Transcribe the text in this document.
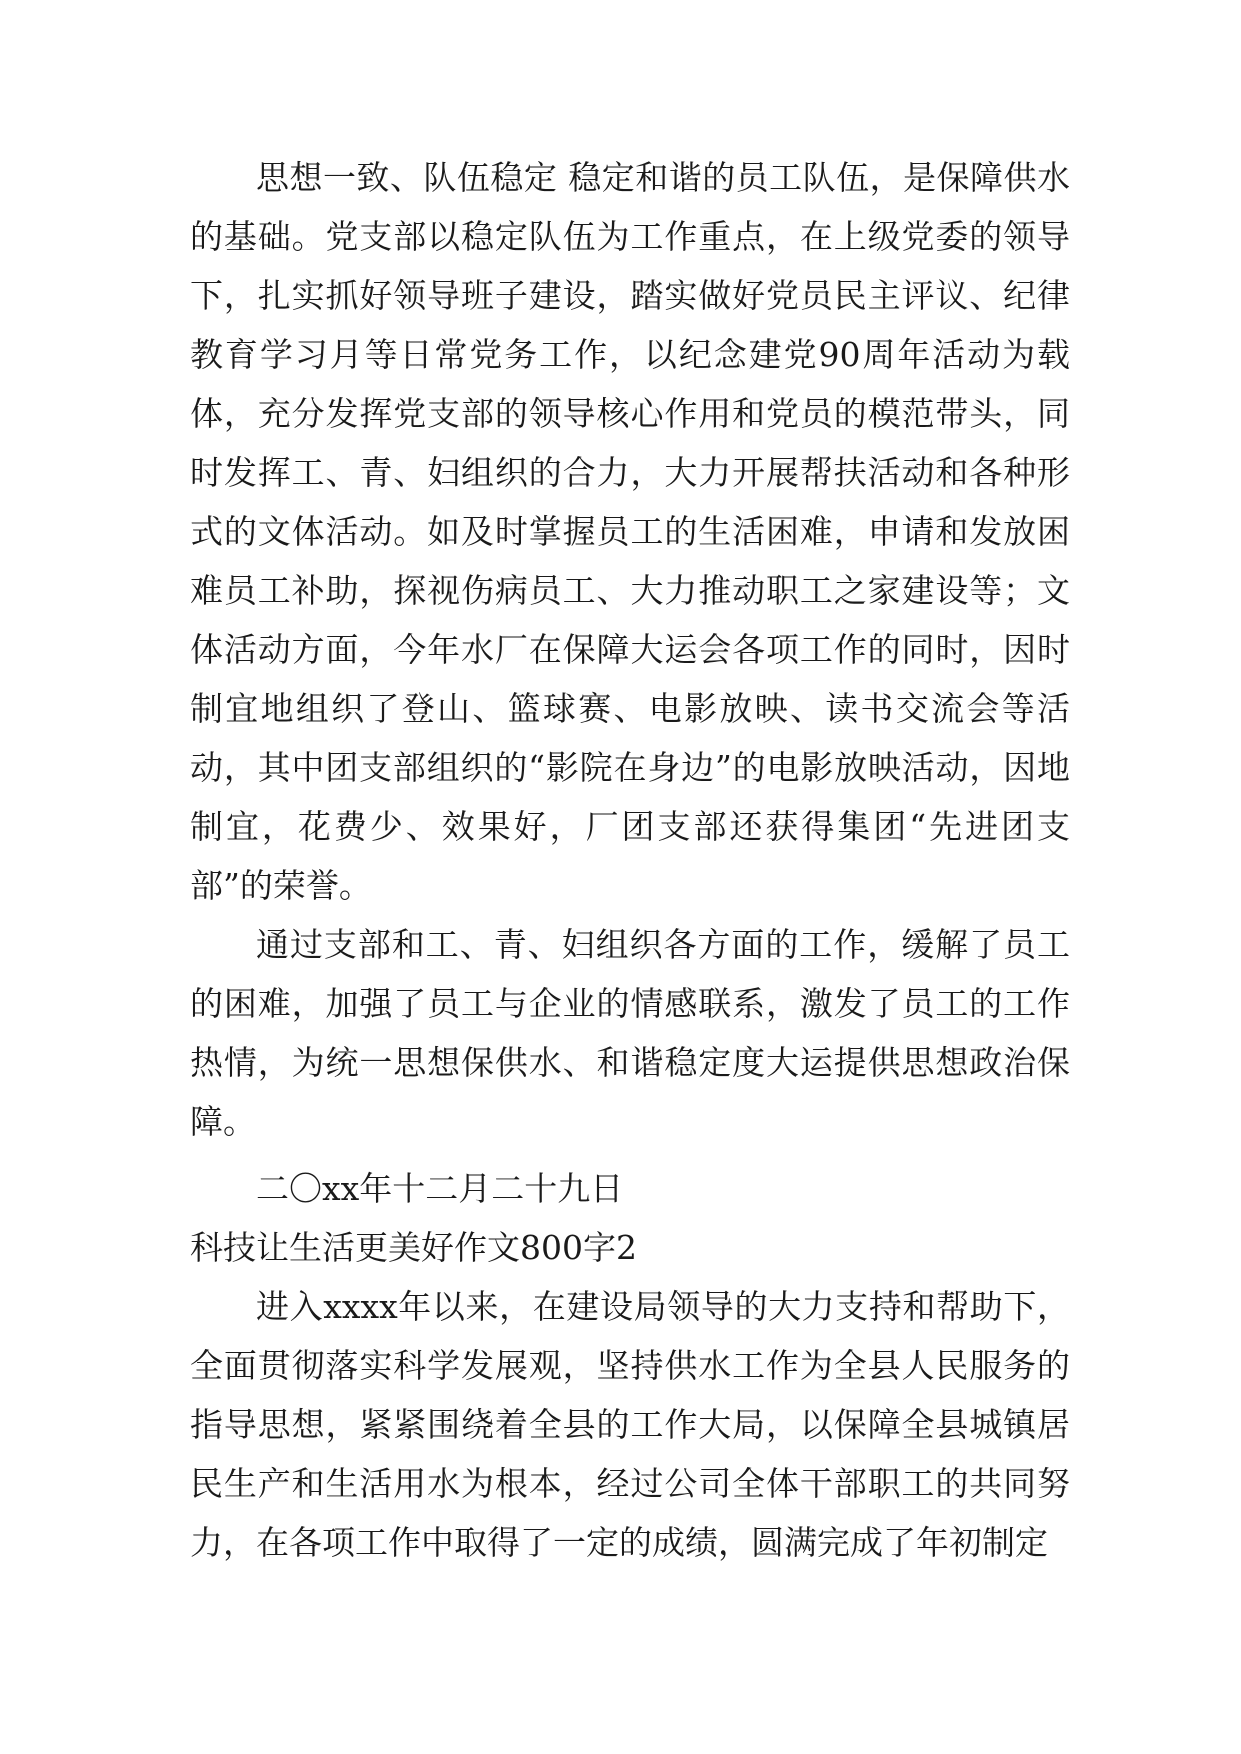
思想一致、队伍稳定 稳定和谐的员工队伍，是保障供水的基础。党支部以稳定队伍为工作重点，在上级党委的领导下，扎实抓好领导班子建设，踏实做好党员民主评议、纪律教育学习月等日常党务工作，以纪念建党90周年活动为载体，充分发挥党支部的领导核心作用和党员的模范带头，同时发挥工、青、妇组织的合力，大力开展帮扶活动和各种形式的文体活动。如及时掌握员工的生活困难，申请和发放困难员工补助，探视伤病员工、大力推动职工之家建设等；文体活动方面，今年水厂在保障大运会各项工作的同时，因时制宜地组织了登山、篮球赛、电影放映、读书交流会等活动，其中团支部组织的“影院在身边”的电影放映活动，因地制宜，花费少、效果好，厂团支部还获得集团“先进团支部”的荣誉。

通过支部和工、青、妇组织各方面的工作，缓解了员工的困难，加强了员工与企业的情感联系，激发了员工的工作热情，为统一思想保供水、和谐稳定度大运提供思想政治保障。

二〇xx年十二月二十九日

科技让生活更美好作文800字2

进入xxxx年以来，在建设局领导的大力支持和帮助下，全面贯彻落实科学发展观，坚持供水工作为全县人民服务的指导思想，紧紧围绕着全县的工作大局，以保障全县城镇居民生产和生活用水为根本，经过公司全体干部职工的共同努力，在各项工作中取得了一定的成绩，圆满完成了年初制定
